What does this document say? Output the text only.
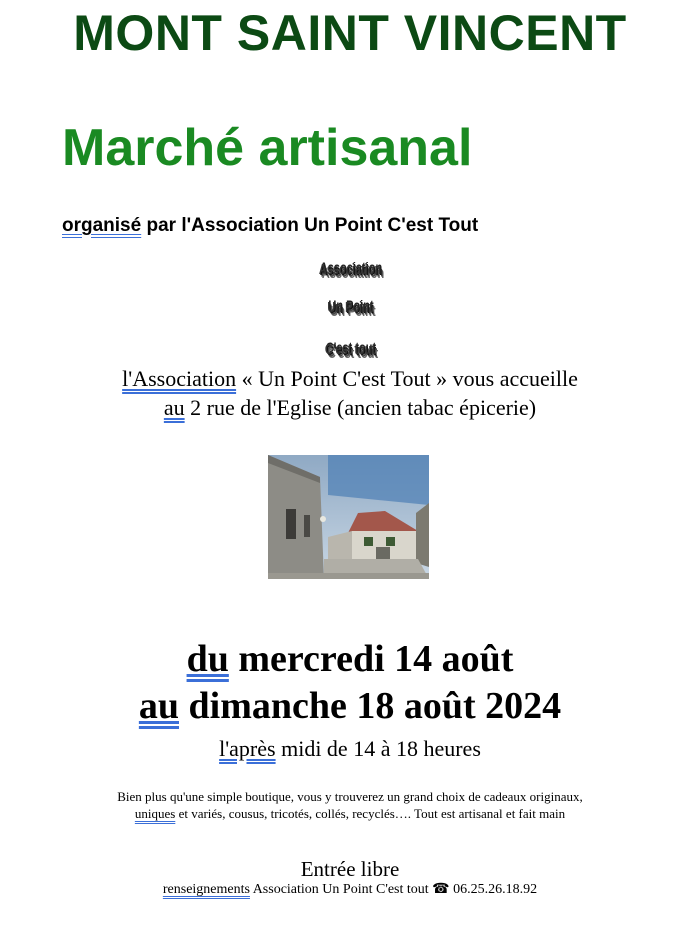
MONT SAINT VINCENT
Marché artisanal
organisé par l'Association Un Point C'est Tout
Association
Un Point
C'est tout
l'Association « Un Point C'est Tout » vous accueille
au 2 rue de l'Eglise (ancien tabac épicerie)
du mercredi 14 août
au dimanche 18 août 2024
l'après midi de 14 à 18 heures
Bien plus qu'une simple boutique, vous y trouverez un grand choix de cadeaux originaux,
uniques et variés, cousus, tricotés, collés, recyclés…. Tout est artisanal et fait main
Entrée libre
renseignements Association Un Point C'est tout ☎ 06.25.26.18.92
